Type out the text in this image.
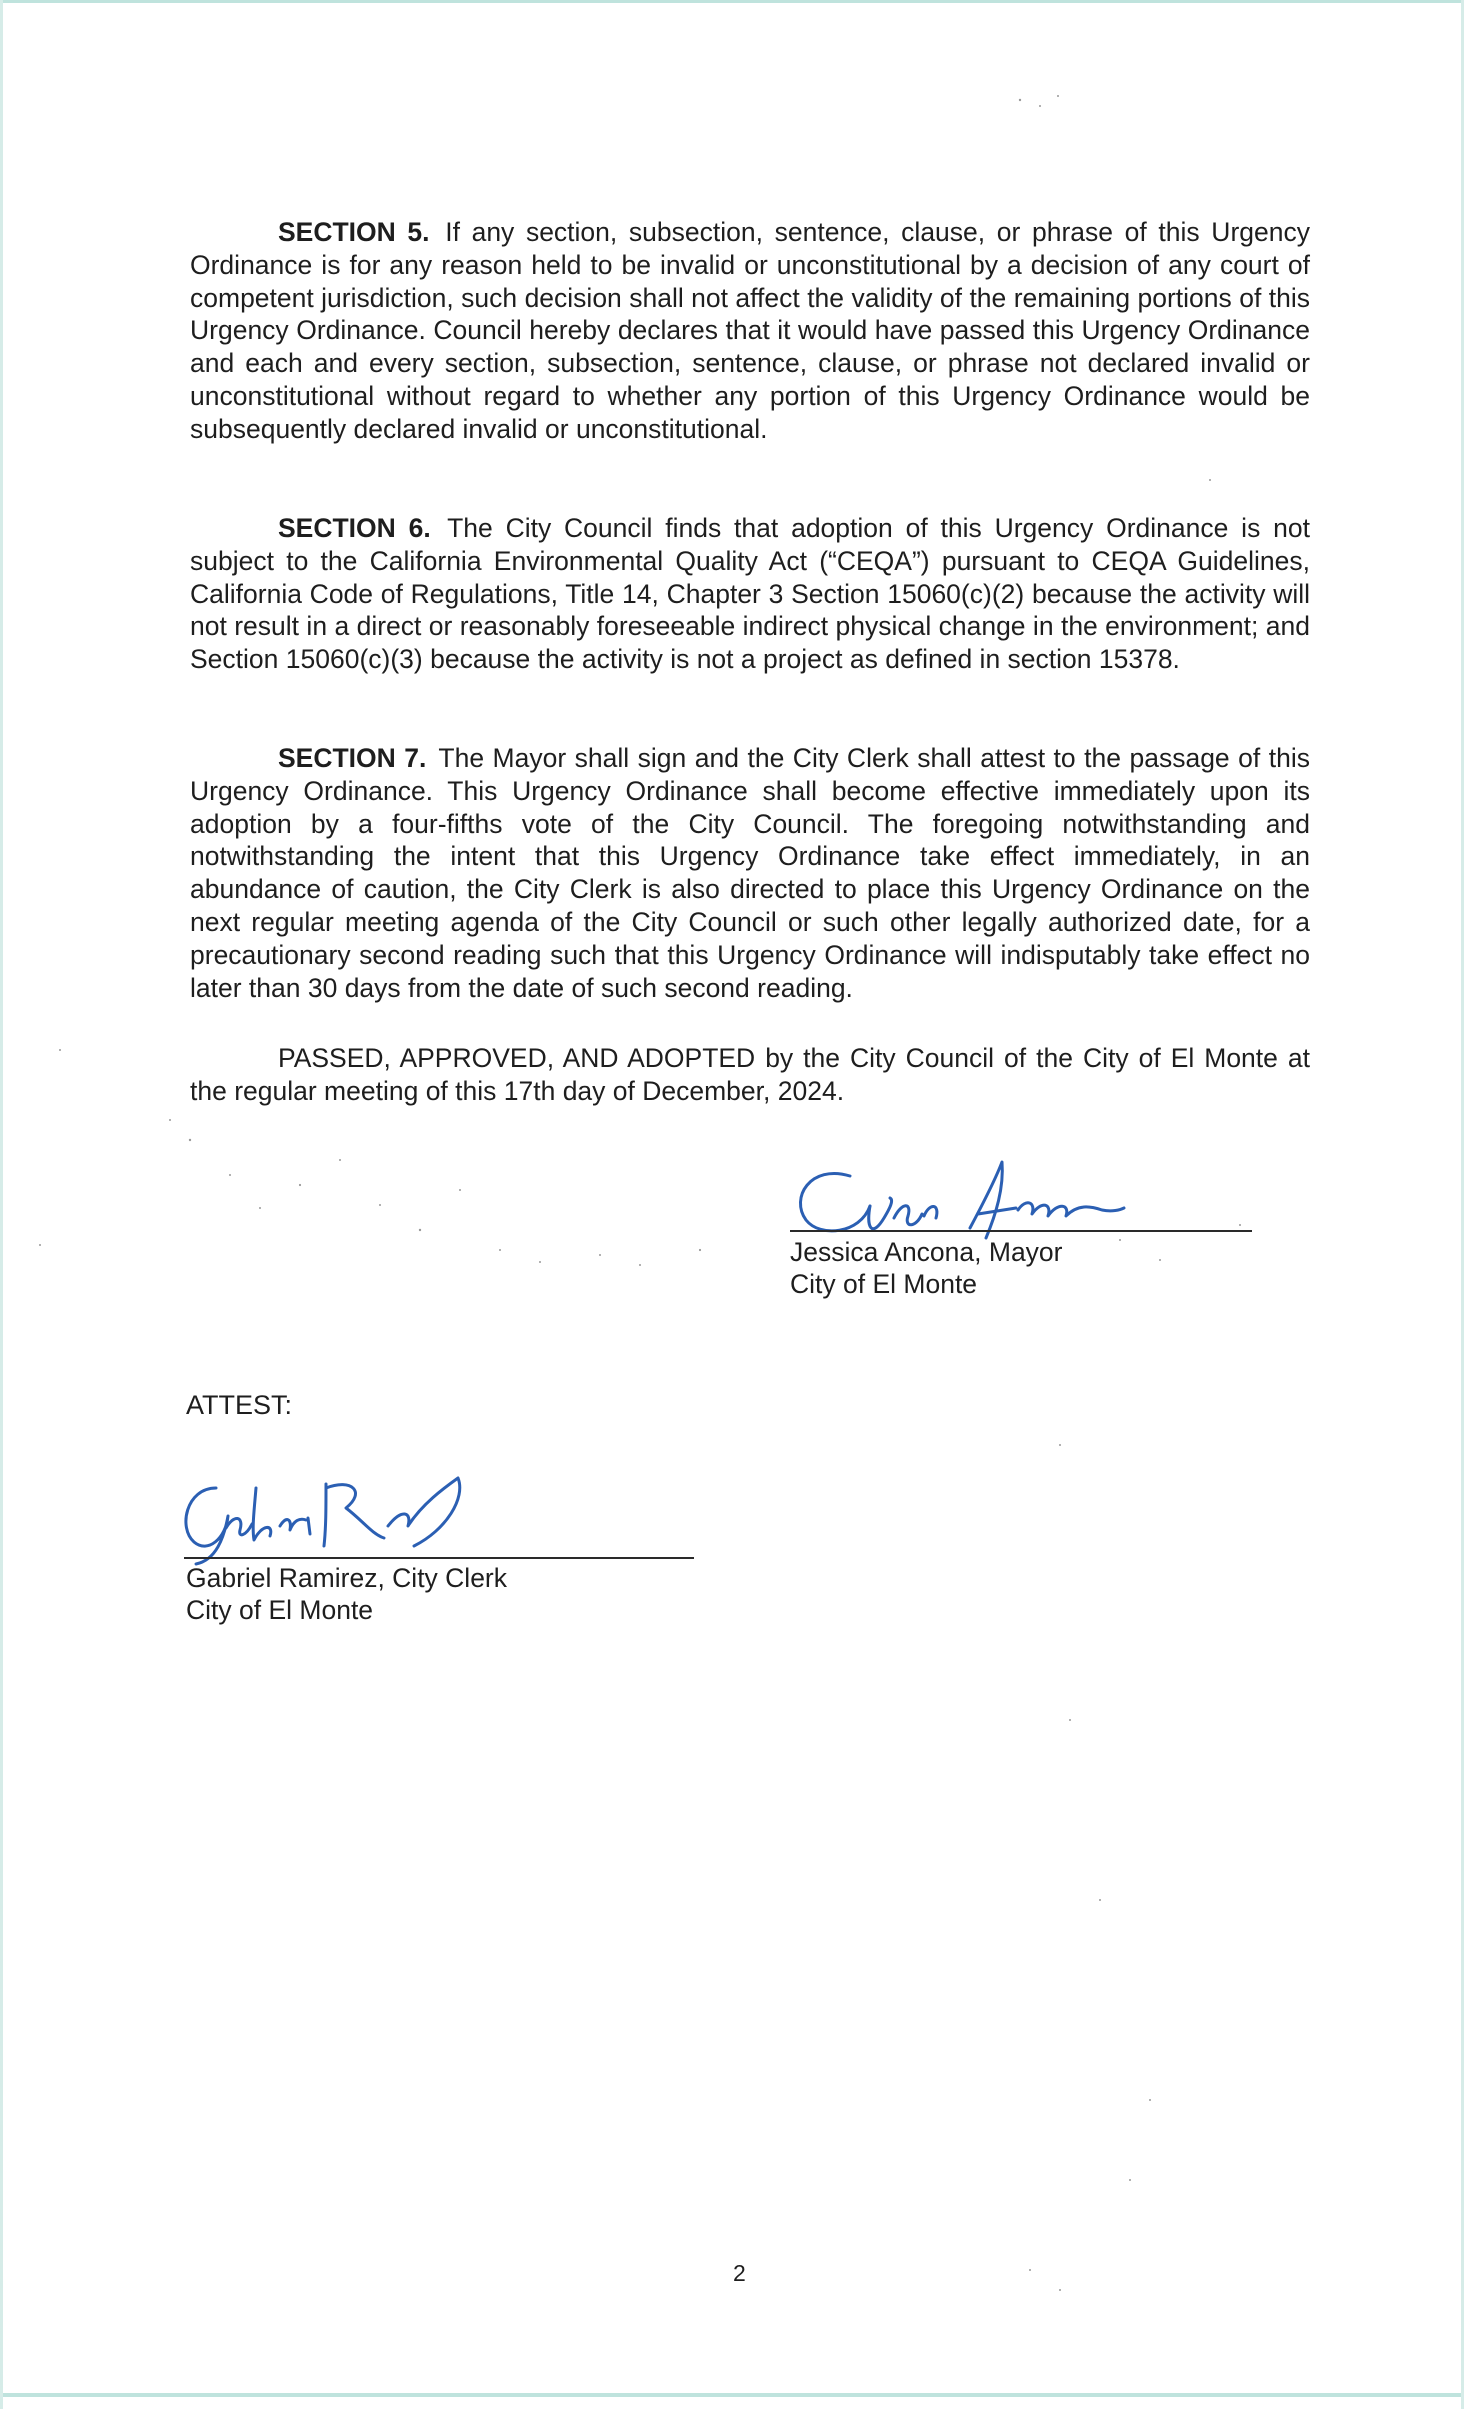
SECTION 5. If any section, subsection, sentence, clause, or phrase of this Urgency Ordinance is for any reason held to be invalid or unconstitutional by a decision of any court of competent jurisdiction, such decision shall not affect the validity of the remaining portions of this Urgency Ordinance. Council hereby declares that it would have passed this Urgency Ordinance and each and every section, subsection, sentence, clause, or phrase not declared invalid or unconstitutional without regard to whether any portion of this Urgency Ordinance would be subsequently declared invalid or unconstitutional.

SECTION 6. The City Council finds that adoption of this Urgency Ordinance is not subject to the California Environmental Quality Act (“CEQA”) pursuant to CEQA Guidelines, California Code of Regulations, Title 14, Chapter 3 Section 15060(c)(2) because the activity will not result in a direct or reasonably foreseeable indirect physical change in the environment; and Section 15060(c)(3) because the activity is not a project as defined in section 15378.

SECTION 7. The Mayor shall sign and the City Clerk shall attest to the passage of this Urgency Ordinance. This Urgency Ordinance shall become effective immediately upon its adoption by a four-fifths vote of the City Council. The foregoing notwithstanding and notwithstanding the intent that this Urgency Ordinance take effect immediately, in an abundance of caution, the City Clerk is also directed to place this Urgency Ordinance on the next regular meeting agenda of the City Council or such other legally authorized date, for a precautionary second reading such that this Urgency Ordinance will indisputably take effect no later than 30 days from the date of such second reading.

PASSED, APPROVED, AND ADOPTED by the City Council of the City of El Monte at the regular meeting of this 17th day of December, 2024.

Jessica Ancona, Mayor

City of El Monte

ATTEST:

Gabriel Ramirez, City Clerk

City of El Monte

2
